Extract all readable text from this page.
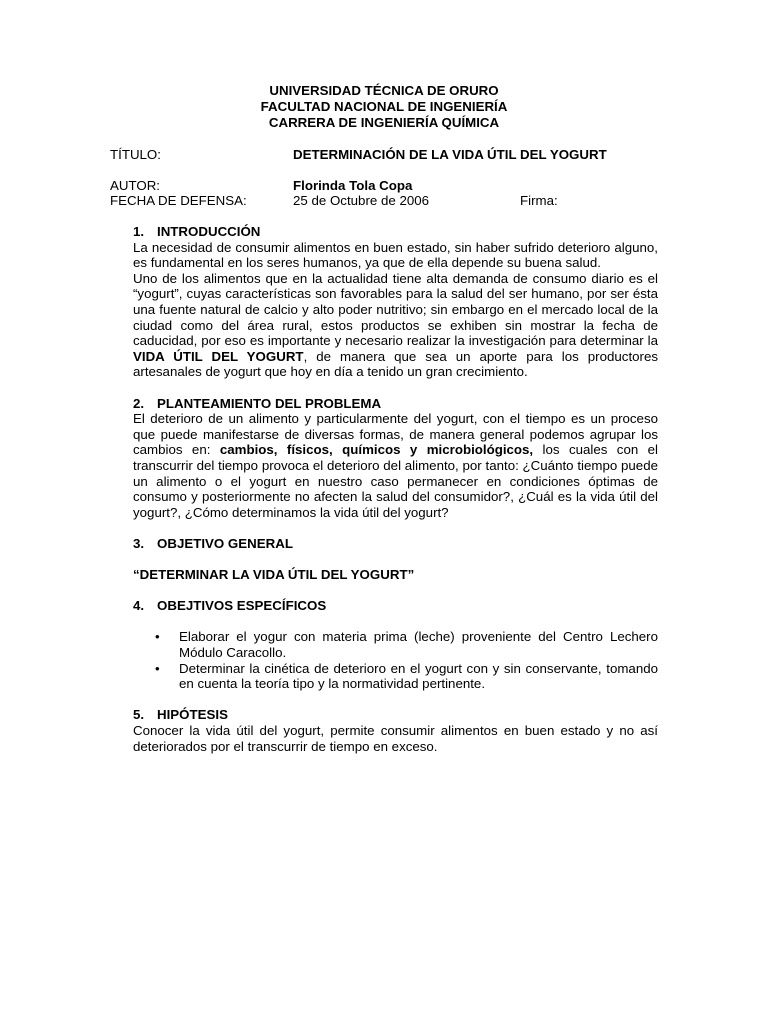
UNIVERSIDAD TÉCNICA DE ORURO
FACULTAD NACIONAL DE INGENIERÍA
CARRERA DE INGENIERÍA QUÍMICA
TÍTULO:	DETERMINACIÓN DE LA VIDA ÚTIL DEL YOGURT
AUTOR:	Florinda Tola Copa
FECHA DE DEFENSA:	25 de Octubre de 2006	Firma:
1. INTRODUCCIÓN

La necesidad de consumir alimentos en buen estado, sin haber sufrido deterioro alguno, es fundamental en los seres humanos, ya que de ella depende su buena salud.

Uno de los alimentos que en la actualidad tiene alta demanda de consumo diario es el “yogurt”, cuyas características son favorables para la salud del ser humano, por ser ésta una fuente natural de calcio y alto poder nutritivo; sin embargo en el mercado local de la ciudad como del área rural, estos productos se exhiben sin mostrar la fecha de caducidad, por eso es importante y necesario realizar la investigación para determinar la VIDA ÚTIL DEL YOGURT, de manera que sea un aporte para los productores artesanales de yogurt que hoy en día a tenido un gran crecimiento.

2. PLANTEAMIENTO DEL PROBLEMA

El deterioro de un alimento y particularmente del yogurt, con el tiempo es un proceso que puede manifestarse de diversas formas, de manera general podemos agrupar los cambios en: cambios, físicos, químicos y microbiológicos, los cuales con el transcurrir del tiempo provoca el deterioro del alimento, por tanto: ¿Cuánto tiempo puede un alimento o el yogurt en nuestro caso permanecer en condiciones óptimas de consumo y posteriormente no afecten la salud del consumidor?, ¿Cuál es la vida útil del yogurt?, ¿Cómo determinamos la vida útil del yogurt?

3. OBJETIVO GENERAL

“DETERMINAR LA VIDA ÚTIL DEL YOGURT”

4. OBEJTIVOS ESPECÍFICOS
• Elaborar el yogur con materia prima (leche) proveniente del Centro Lechero Módulo Caracollo.
• Determinar la cinética de deterioro en el yogurt con y sin conservante, tomando en cuenta la teoría tipo y la normatividad pertinente.
5. HIPÓTESIS

Conocer la vida útil del yogurt, permite consumir alimentos en buen estado y no así deteriorados por el transcurrir de tiempo en exceso.
